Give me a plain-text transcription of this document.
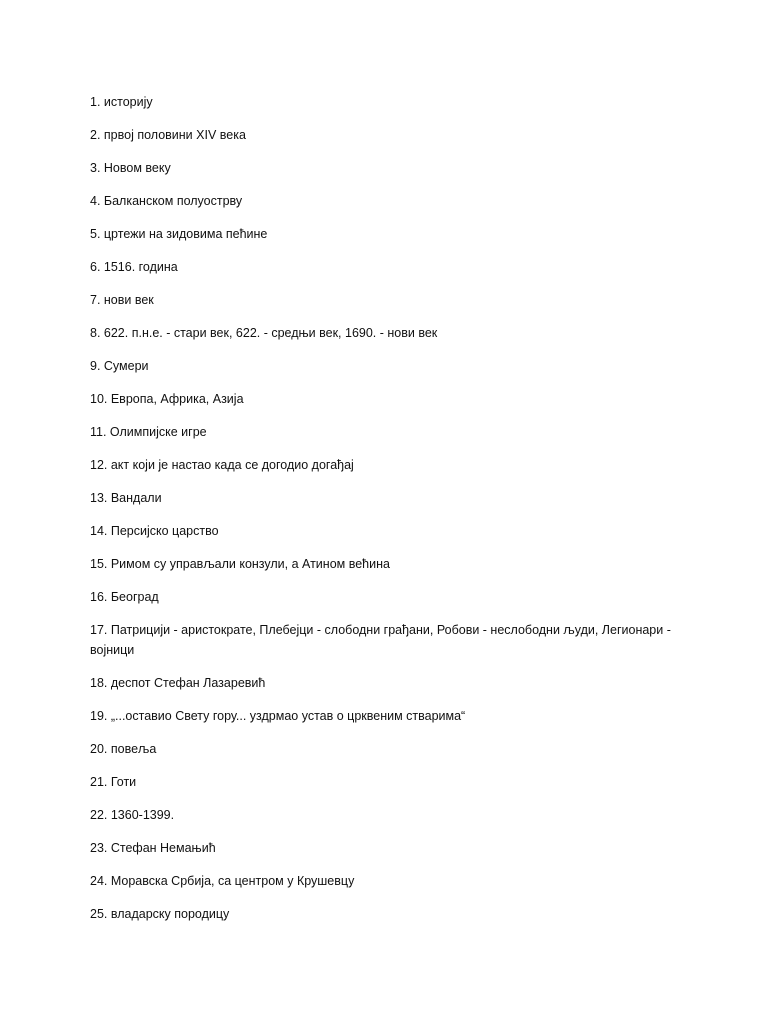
1. историју
2. првој половини XIV века
3. Новом веку
4. Балканском полуострву
5. цртежи на зидовима пећине
6. 1516. година
7. нови век
8. 622. п.н.е. - стари век, 622. - средњи век, 1690. - нови век
9. Сумери
10. Европа, Африка, Азија
11. Олимпијске игре
12. акт који је настао када се догодио догађај
13. Вандали
14. Персијско царство
15. Римом су управљали конзули, а Атином већина
16. Београд
17. Патрицији - аристократе, Плебејци - слободни грађани, Робови - неслободни људи, Легионари - војници
18. деспот Стефан Лазаревић
19. „...оставио Свету гору... уздрмао устав о црквеним стварима“
20. повеља
21. Готи
22. 1360-1399.
23. Стефан Немањић
24. Моравска Србија, са центром у Крушевцу
25. владарску породицу
